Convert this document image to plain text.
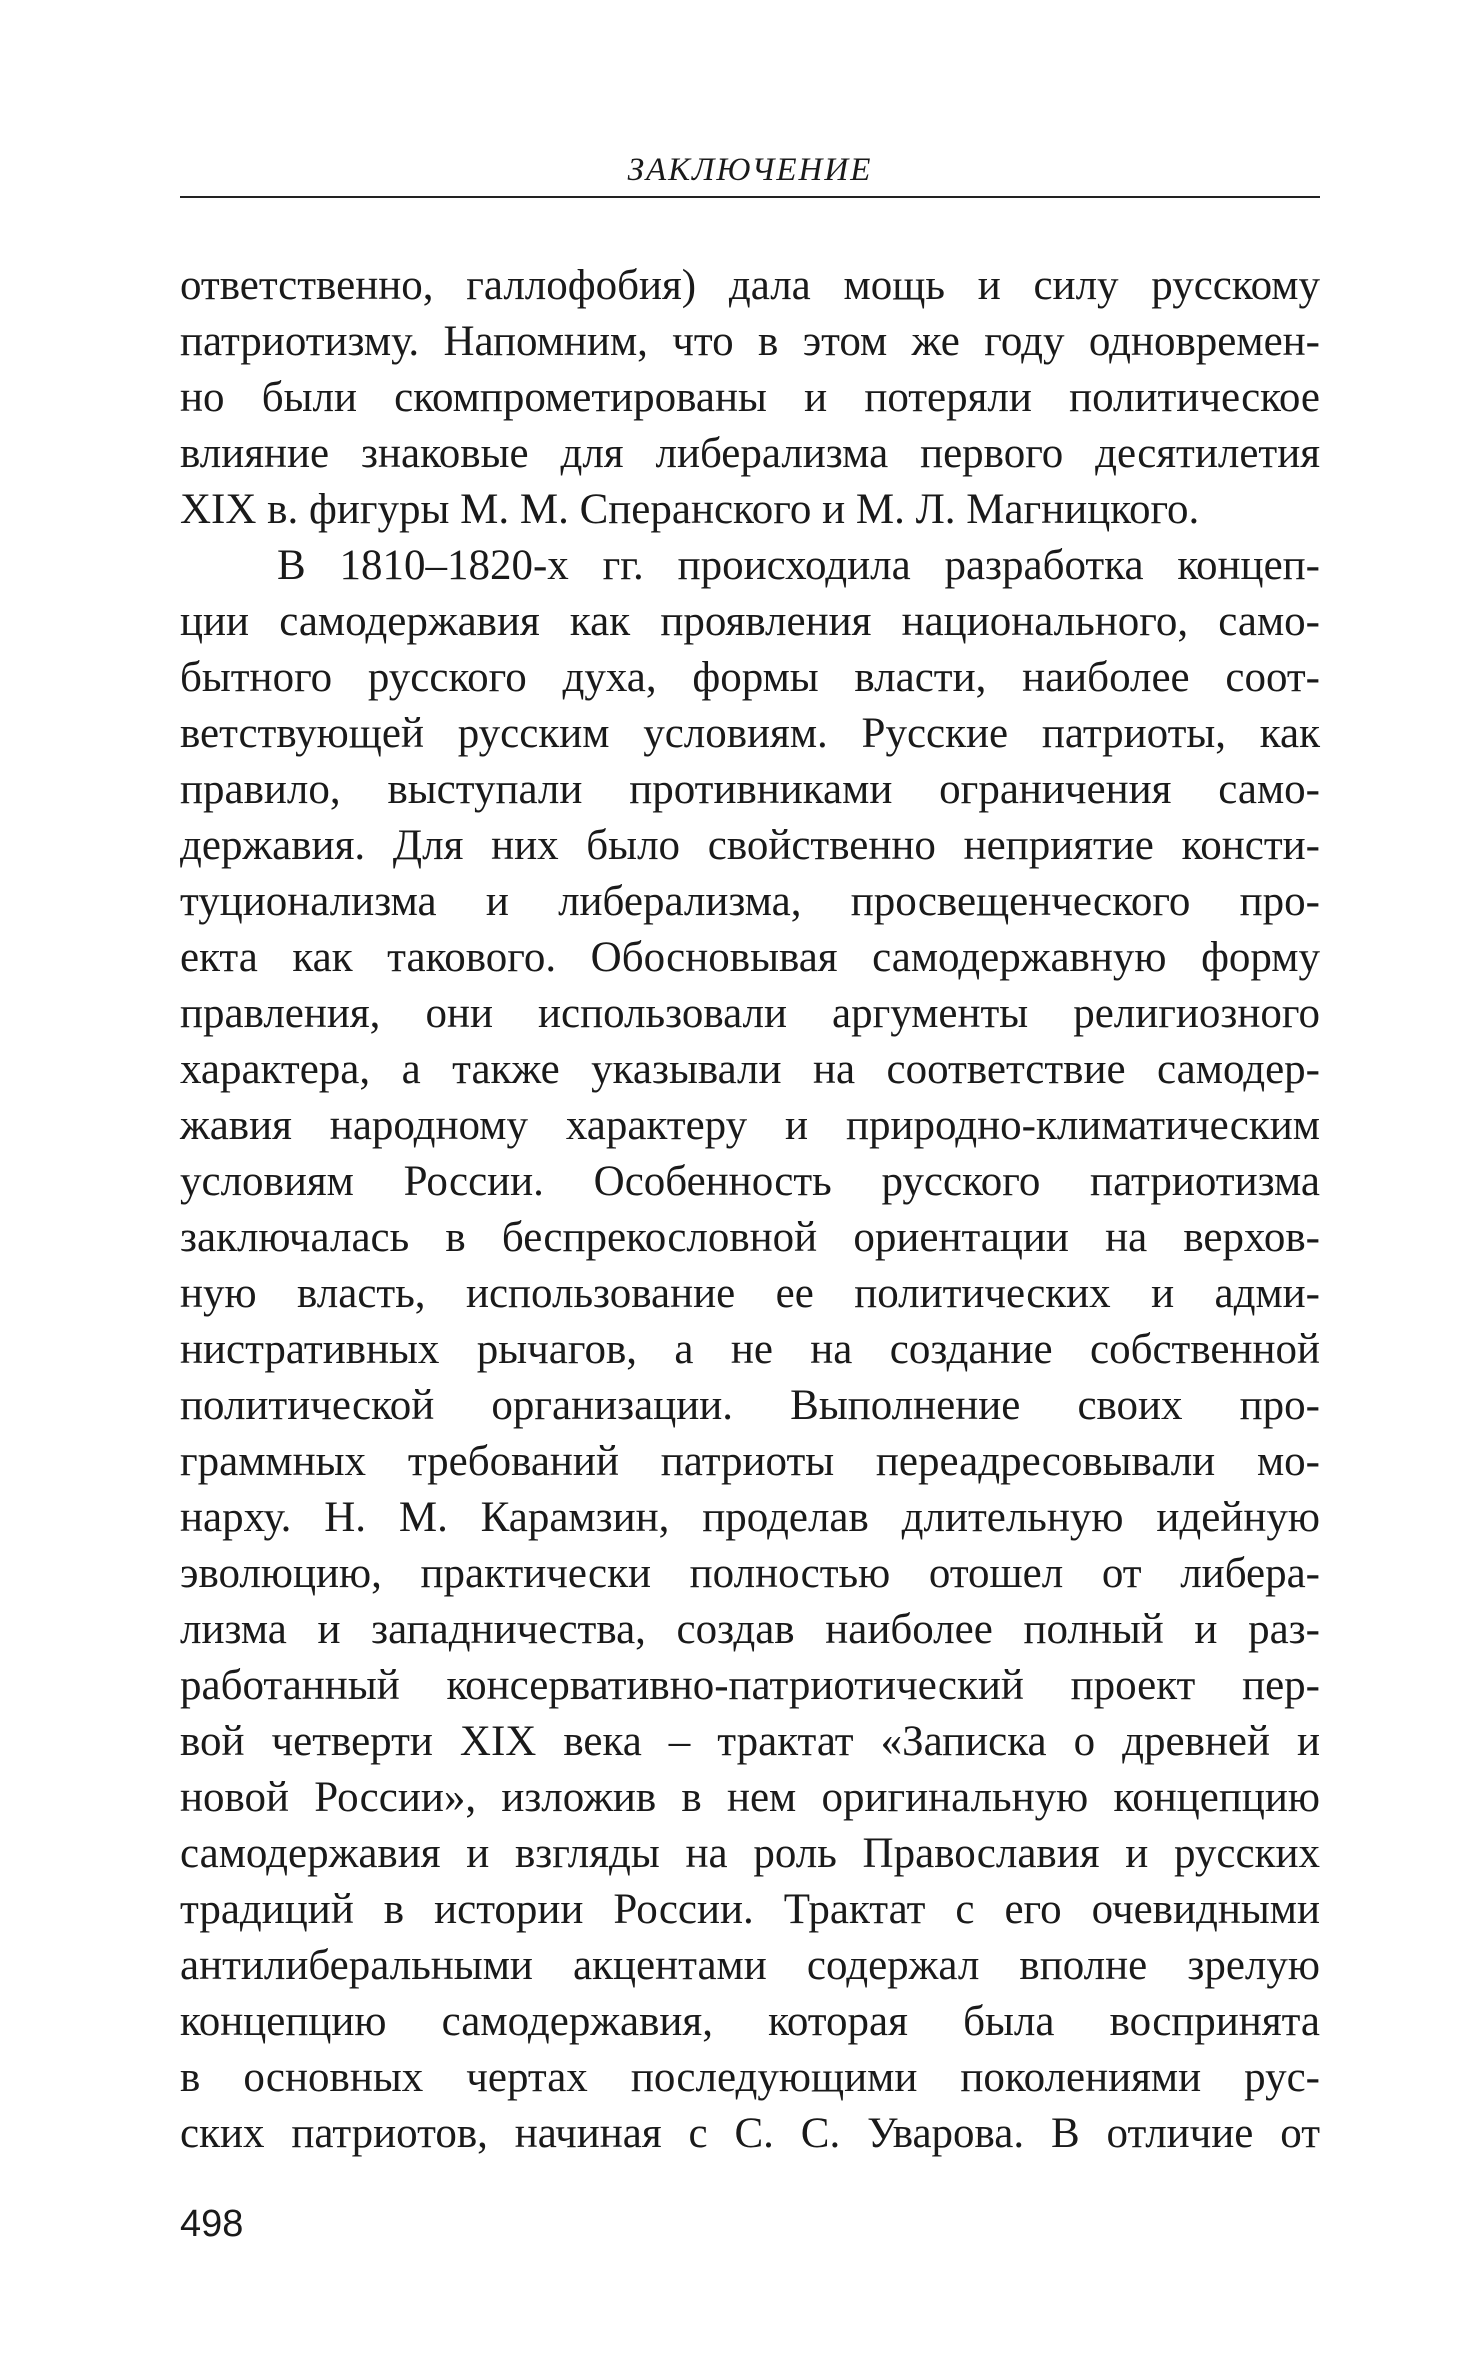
ЗАКЛЮЧЕНИЕ
ответственно, галлофобия) дала мощь и силу русскому
патриотизму. Напомним, что в этом же году одновремен-
но были скомпрометированы и потеряли политическое
влияние знаковые для либерализма первого десятилетия
XIX в. фигуры М. М. Сперанского и М. Л. Магницкого.
В 1810–1820-х гг. происходила разработка концеп-
ции самодержавия как проявления национального, само-
бытного русского духа, формы власти, наиболее соот-
ветствующей русским условиям. Русские патриоты, как
правило, выступали противниками ограничения само-
державия. Для них было свойственно неприятие консти-
туционализма и либерализма, просвещенческого про-
екта как такового. Обосновывая самодержавную форму
правления, они использовали аргументы религиозного
характера, а также указывали на соответствие самодер-
жавия народному характеру и природно-климатическим
условиям России. Особенность русского патриотизма
заключалась в беспрекословной ориентации на верхов-
ную власть, использование ее политических и адми-
нистративных рычагов, а не на создание собственной
политической организации. Выполнение своих про-
граммных требований патриоты переадресовывали мо-
нарху. Н. М. Карамзин, проделав длительную идейную
эволюцию, практически полностью отошел от либера-
лизма и западничества, создав наиболее полный и раз-
работанный консервативно-патриотический проект пер-
вой четверти XIX века – трактат «Записка о древней и
новой России», изложив в нем оригинальную концепцию
самодержавия и взгляды на роль Православия и русских
традиций в истории России. Трактат с его очевидными
антилиберальными акцентами содержал вполне зрелую
концепцию самодержавия, которая была воспринята
в основных чертах последующими поколениями рус-
ских патриотов, начиная с С. С. Уварова. В отличие от
498
